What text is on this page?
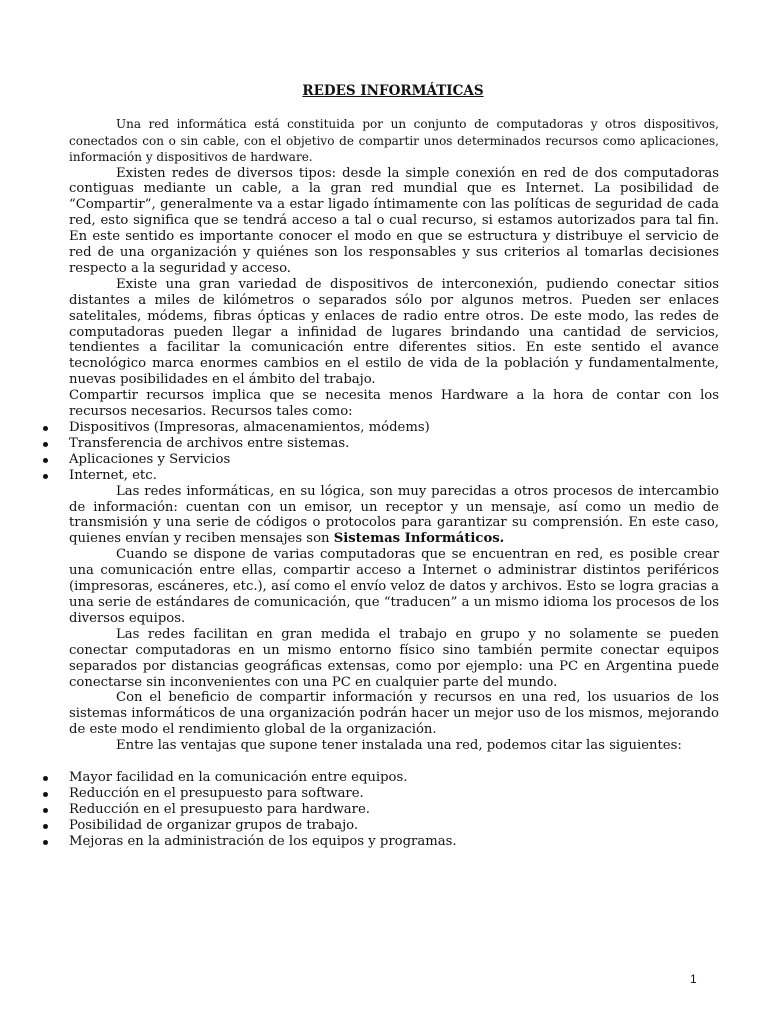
REDES INFORMÁTICAS

Una red informática está constituida por un conjunto de computadoras y otros dispositivos, conectados con o sin cable, con el objetivo de compartir unos determinados recursos como aplicaciones, información y dispositivos de hardware.

Existen redes de diversos tipos: desde la simple conexión en red de dos computadoras contiguas mediante un cable, a la gran red mundial que es Internet. La posibilidad de “Compartir”, generalmente va a estar ligado íntimamente con las políticas de seguridad de cada red, esto significa que se tendrá acceso a tal o cual recurso, si estamos autorizados para tal fin. En este sentido es importante conocer el modo en que se estructura y distribuye el servicio de red de una organización y quiénes son los responsables y sus criterios al tomarlas decisiones respecto a la seguridad y acceso.

Existe una gran variedad de dispositivos de interconexión, pudiendo conectar sitios distantes a miles de kilómetros o separados sólo por algunos metros. Pueden ser enlaces satelitales, módems, fibras ópticas y enlaces de radio entre otros. De este modo, las redes de computadoras pueden llegar a infinidad de lugares brindando una cantidad de servicios, tendientes a facilitar la comunicación entre diferentes sitios. En este sentido el avance tecnológico marca enormes cambios en el estilo de vida de la población y fundamentalmente, nuevas posibilidades en el ámbito del trabajo.

Compartir recursos implica que se necesita menos Hardware a la hora de contar con los recursos necesarios. Recursos tales como:

Dispositivos (Impresoras, almacenamientos, módems)
Transferencia de archivos entre sistemas.
Aplicaciones y Servicios
Internet, etc.

Las redes informáticas, en su lógica, son muy parecidas a otros procesos de intercambio de información: cuentan con un emisor, un receptor y un mensaje, así como un medio de transmisión y una serie de códigos o protocolos para garantizar su comprensión. En este caso, quienes envían y reciben mensajes son Sistemas Informáticos.

Cuando se dispone de varias computadoras que se encuentran en red, es posible crear una comunicación entre ellas, compartir acceso a Internet o administrar distintos periféricos (impresoras, escáneres, etc.), así como el envío veloz de datos y archivos. Esto se logra gracias a una serie de estándares de comunicación, que “traducen” a un mismo idioma los procesos de los diversos equipos.

Las redes facilitan en gran medida el trabajo en grupo y no solamente se pueden conectar computadoras en un mismo entorno físico sino también permite conectar equipos separados por distancias geográficas extensas, como por ejemplo: una PC en Argentina puede conectarse sin inconvenientes con una PC en cualquier parte del mundo.

Con el beneficio de compartir información y recursos en una red, los usuarios de los sistemas informáticos de una organización podrán hacer un mejor uso de los mismos, mejorando de este modo el rendimiento global de la organización.

Entre las ventajas que supone tener instalada una red, podemos citar las siguientes:

Mayor facilidad en la comunicación entre equipos.
Reducción en el presupuesto para software.
Reducción en el presupuesto para hardware.
Posibilidad de organizar grupos de trabajo.
Mejoras en la administración de los equipos y programas.
1
